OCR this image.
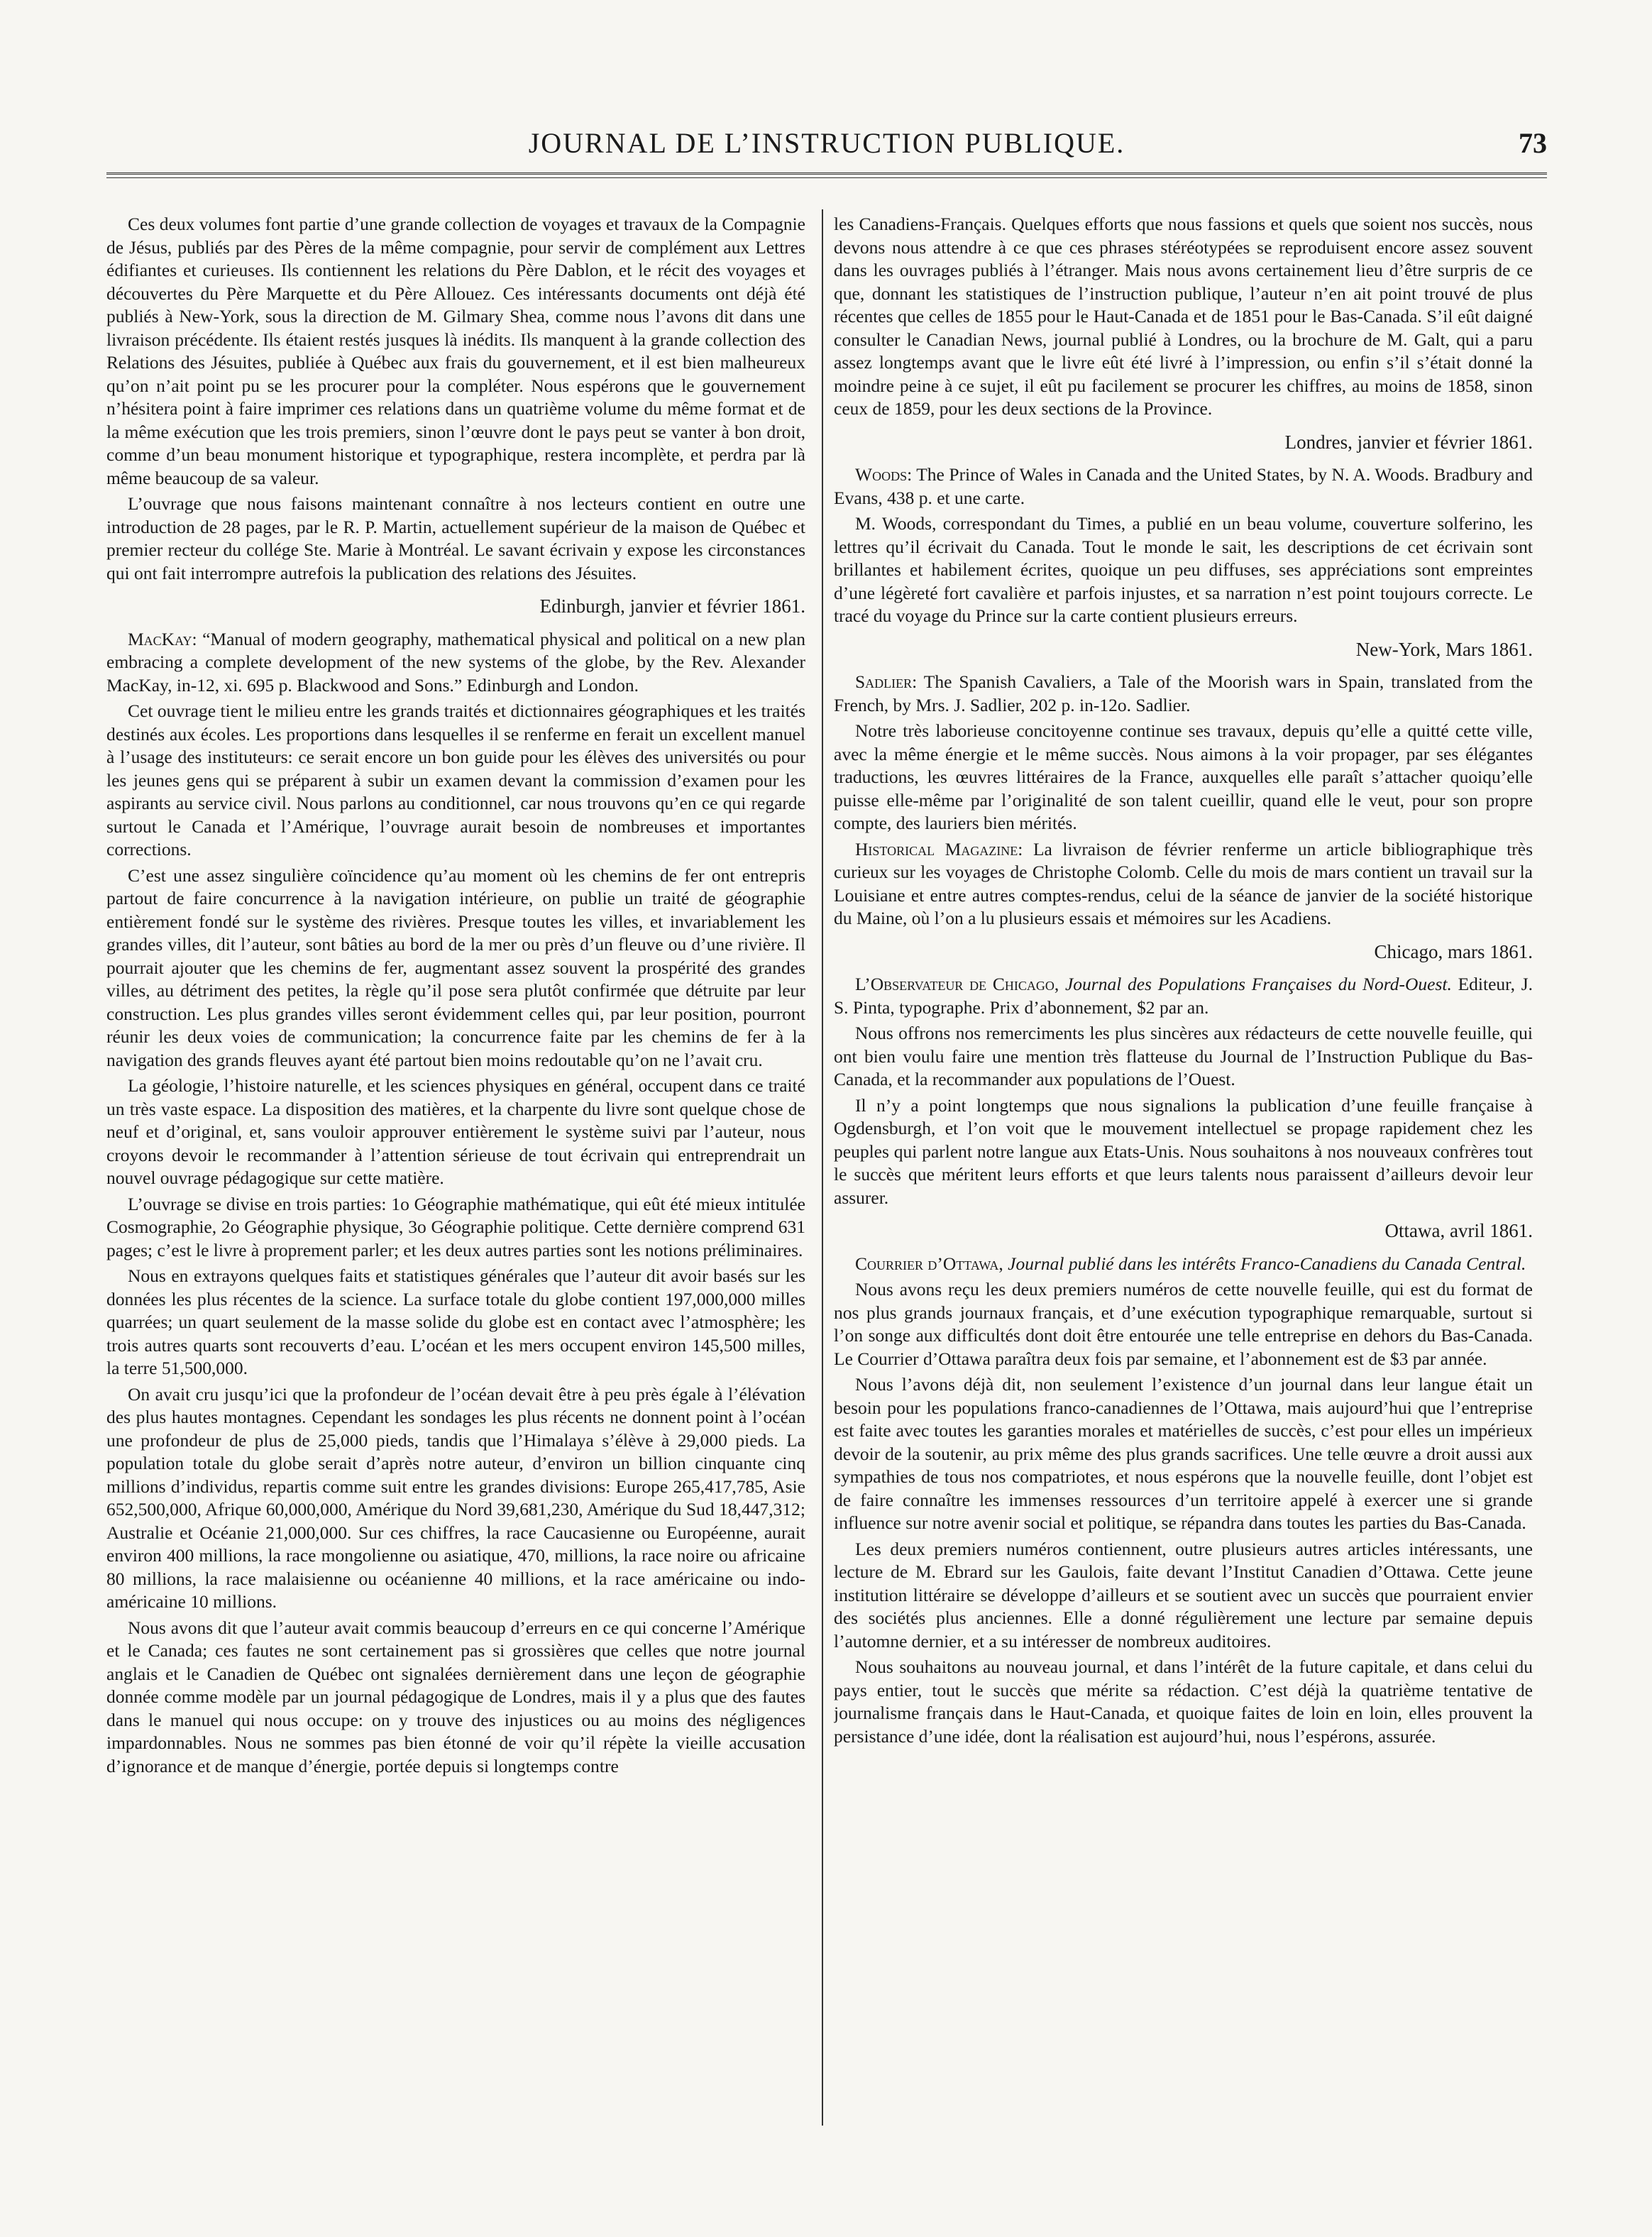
JOURNAL DE L’INSTRUCTION PUBLIQUE.	73

Ces deux volumes font partie d’une grande collection de voyages et travaux de la Compagnie de Jésus, publiés par des Pères de la même compagnie, pour servir de complément aux Lettres édifiantes et curieuses. Ils contiennent les relations du Père Dablon, et le récit des voyages et découvertes du Père Marquette et du Père Allouez. Ces intéressants documents ont déjà été publiés à New-York, sous la direction de M. Gilmary Shea, comme nous l’avons dit dans une livraison précédente. Ils étaient restés jusques là inédits. Ils manquent à la grande collection des Relations des Jésuites, publiée à Québec aux frais du gouvernement, et il est bien malheureux qu’on n’ait point pu se les procurer pour la compléter. Nous espérons que le gouvernement n’hésitera point à faire imprimer ces relations dans un quatrième volume du même format et de la même exécution que les trois premiers, sinon l’œuvre dont le pays peut se vanter à bon droit, comme d’un beau monument historique et typographique, restera incomplète, et perdra par là même beaucoup de sa valeur.

L’ouvrage que nous faisons maintenant connaître à nos lecteurs contient en outre une introduction de 28 pages, par le R. P. Martin, actuellement supérieur de la maison de Québec et premier recteur du collége Ste. Marie à Montréal. Le savant écrivain y expose les circonstances qui ont fait interrompre autrefois la publication des relations des Jésuites.

Edinburgh, janvier et février 1861.

MacKay: “Manual of modern geography, mathematical physical and political on a new plan embracing a complete development of the new systems of the globe, by the Rev. Alexander MacKay, in-12, xi. 695 p. Blackwood and Sons.” Edinburgh and London.

Cet ouvrage tient le milieu entre les grands traités et dictionnaires géographiques et les traités destinés aux écoles. Les proportions dans lesquelles il se renferme en ferait un excellent manuel à l’usage des instituteurs: ce serait encore un bon guide pour les élèves des universités ou pour les jeunes gens qui se préparent à subir un examen devant la commission d’examen pour les aspirants au service civil. Nous parlons au conditionnel, car nous trouvons qu’en ce qui regarde surtout le Canada et l’Amérique, l’ouvrage aurait besoin de nombreuses et importantes corrections.

C’est une assez singulière coïncidence qu’au moment où les chemins de fer ont entrepris partout de faire concurrence à la navigation intérieure, on publie un traité de géographie entièrement fondé sur le système des rivières. Presque toutes les villes, et invariablement les grandes villes, dit l’auteur, sont bâties au bord de la mer ou près d’un fleuve ou d’une rivière. Il pourrait ajouter que les chemins de fer, augmentant assez souvent la prospérité des grandes villes, au détriment des petites, la règle qu’il pose sera plutôt confirmée que détruite par leur construction. Les plus grandes villes seront évidemment celles qui, par leur position, pourront réunir les deux voies de communication; la concurrence faite par les chemins de fer à la navigation des grands fleuves ayant été partout bien moins redoutable qu’on ne l’avait cru.

La géologie, l’histoire naturelle, et les sciences physiques en général, occupent dans ce traité un très vaste espace. La disposition des matières, et la charpente du livre sont quelque chose de neuf et d’original, et, sans vouloir approuver entièrement le système suivi par l’auteur, nous croyons devoir le recommander à l’attention sérieuse de tout écrivain qui entreprendrait un nouvel ouvrage pédagogique sur cette matière.

L’ouvrage se divise en trois parties: 1o Géographie mathématique, qui eût été mieux intitulée Cosmographie, 2o Géographie physique, 3o Géographie politique. Cette dernière comprend 631 pages; c’est le livre à proprement parler; et les deux autres parties sont les notions préliminaires.

Nous en extrayons quelques faits et statistiques générales que l’auteur dit avoir basés sur les données les plus récentes de la science. La surface totale du globe contient 197,000,000 milles quarrées; un quart seulement de la masse solide du globe est en contact avec l’atmosphère; les trois autres quarts sont recouverts d’eau. L’océan et les mers occupent environ 145,500 milles, la terre 51,500,000.

On avait cru jusqu’ici que la profondeur de l’océan devait être à peu près égale à l’élévation des plus hautes montagnes. Cependant les sondages les plus récents ne donnent point à l’océan une profondeur de plus de 25,000 pieds, tandis que l’Himalaya s’élève à 29,000 pieds. La population totale du globe serait d’après notre auteur, d’environ un billion cinquante cinq millions d’individus, repartis comme suit entre les grandes divisions: Europe 265,417,785, Asie 652,500,000, Afrique 60,000,000, Amérique du Nord 39,681,230, Amérique du Sud 18,447,312; Australie et Océanie 21,000,000. Sur ces chiffres, la race Caucasienne ou Européenne, aurait environ 400 millions, la race mongolienne ou asiatique, 470, millions, la race noire ou africaine 80 millions, la race malaisienne ou océanienne 40 millions, et la race américaine ou indo-américaine 10 millions.

Nous avons dit que l’auteur avait commis beaucoup d’erreurs en ce qui concerne l’Amérique et le Canada; ces fautes ne sont certainement pas si grossières que celles que notre journal anglais et le Canadien de Québec ont signalées dernièrement dans une leçon de géographie donnée comme modèle par un journal pédagogique de Londres, mais il y a plus que des fautes dans le manuel qui nous occupe: on y trouve des injustices ou au moins des négligences impardonnables. Nous ne sommes pas bien étonné de voir qu’il répète la vieille accusation d’ignorance et de manque d’énergie, portée depuis si longtemps contre

les Canadiens-Français. Quelques efforts que nous fassions et quels que soient nos succès, nous devons nous attendre à ce que ces phrases stéréotypées se reproduisent encore assez souvent dans les ouvrages publiés à l’étranger. Mais nous avons certainement lieu d’être surpris de ce que, donnant les statistiques de l’instruction publique, l’auteur n’en ait point trouvé de plus récentes que celles de 1855 pour le Haut-Canada et de 1851 pour le Bas-Canada. S’il eût daigné consulter le Canadian News, journal publié à Londres, ou la brochure de M. Galt, qui a paru assez longtemps avant que le livre eût été livré à l’impression, ou enfin s’il s’était donné la moindre peine à ce sujet, il eût pu facilement se procurer les chiffres, au moins de 1858, sinon ceux de 1859, pour les deux sections de la Province.

Londres, janvier et février 1861.

Woods: The Prince of Wales in Canada and the United States, by N. A. Woods. Bradbury and Evans, 438 p. et une carte.

M. Woods, correspondant du Times, a publié en un beau volume, couverture solferino, les lettres qu’il écrivait du Canada. Tout le monde le sait, les descriptions de cet écrivain sont brillantes et habilement écrites, quoique un peu diffuses, ses appréciations sont empreintes d’une légèreté fort cavalière et parfois injustes, et sa narration n’est point toujours correcte. Le tracé du voyage du Prince sur la carte contient plusieurs erreurs.

New-York, Mars 1861.

Sadlier: The Spanish Cavaliers, a Tale of the Moorish wars in Spain, translated from the French, by Mrs. J. Sadlier, 202 p. in-12o. Sadlier.

Notre très laborieuse concitoyenne continue ses travaux, depuis qu’elle a quitté cette ville, avec la même énergie et le même succès. Nous aimons à la voir propager, par ses élégantes traductions, les œuvres littéraires de la France, auxquelles elle paraît s’attacher quoiqu’elle puisse elle-même par l’originalité de son talent cueillir, quand elle le veut, pour son propre compte, des lauriers bien mérités.

Historical Magazine: La livraison de février renferme un article bibliographique très curieux sur les voyages de Christophe Colomb. Celle du mois de mars contient un travail sur la Louisiane et entre autres comptes-rendus, celui de la séance de janvier de la société historique du Maine, où l’on a lu plusieurs essais et mémoires sur les Acadiens.

Chicago, mars 1861.

L’Observateur de Chicago, Journal des Populations Françaises du Nord-Ouest. Editeur, J. S. Pinta, typographe. Prix d’abonnement, $2 par an.

Nous offrons nos remerciments les plus sincères aux rédacteurs de cette nouvelle feuille, qui ont bien voulu faire une mention très flatteuse du Journal de l’Instruction Publique du Bas-Canada, et la recommander aux populations de l’Ouest.

Il n’y a point longtemps que nous signalions la publication d’une feuille française à Ogdensburgh, et l’on voit que le mouvement intellectuel se propage rapidement chez les peuples qui parlent notre langue aux Etats-Unis. Nous souhaitons à nos nouveaux confrères tout le succès que méritent leurs efforts et que leurs talents nous paraissent d’ailleurs devoir leur assurer.

Ottawa, avril 1861.

Courrier d’Ottawa, Journal publié dans les intérêts Franco-Canadiens du Canada Central.

Nous avons reçu les deux premiers numéros de cette nouvelle feuille, qui est du format de nos plus grands journaux français, et d’une exécution typographique remarquable, surtout si l’on songe aux difficultés dont doit être entourée une telle entreprise en dehors du Bas-Canada. Le Courrier d’Ottawa paraîtra deux fois par semaine, et l’abonnement est de $3 par année.

Nous l’avons déjà dit, non seulement l’existence d’un journal dans leur langue était un besoin pour les populations franco-canadiennes de l’Ottawa, mais aujourd’hui que l’entreprise est faite avec toutes les garanties morales et matérielles de succès, c’est pour elles un impérieux devoir de la soutenir, au prix même des plus grands sacrifices. Une telle œuvre a droit aussi aux sympathies de tous nos compatriotes, et nous espérons que la nouvelle feuille, dont l’objet est de faire connaître les immenses ressources d’un territoire appelé à exercer une si grande influence sur notre avenir social et politique, se répandra dans toutes les parties du Bas-Canada.

Les deux premiers numéros contiennent, outre plusieurs autres articles intéressants, une lecture de M. Ebrard sur les Gaulois, faite devant l’Institut Canadien d’Ottawa. Cette jeune institution littéraire se développe d’ailleurs et se soutient avec un succès que pourraient envier des sociétés plus anciennes. Elle a donné régulièrement une lecture par semaine depuis l’automne dernier, et a su intéresser de nombreux auditoires.

Nous souhaitons au nouveau journal, et dans l’intérêt de la future capitale, et dans celui du pays entier, tout le succès que mérite sa rédaction. C’est déjà la quatrième tentative de journalisme français dans le Haut-Canada, et quoique faites de loin en loin, elles prouvent la persistance d’une idée, dont la réalisation est aujourd’hui, nous l’espérons, assurée.
